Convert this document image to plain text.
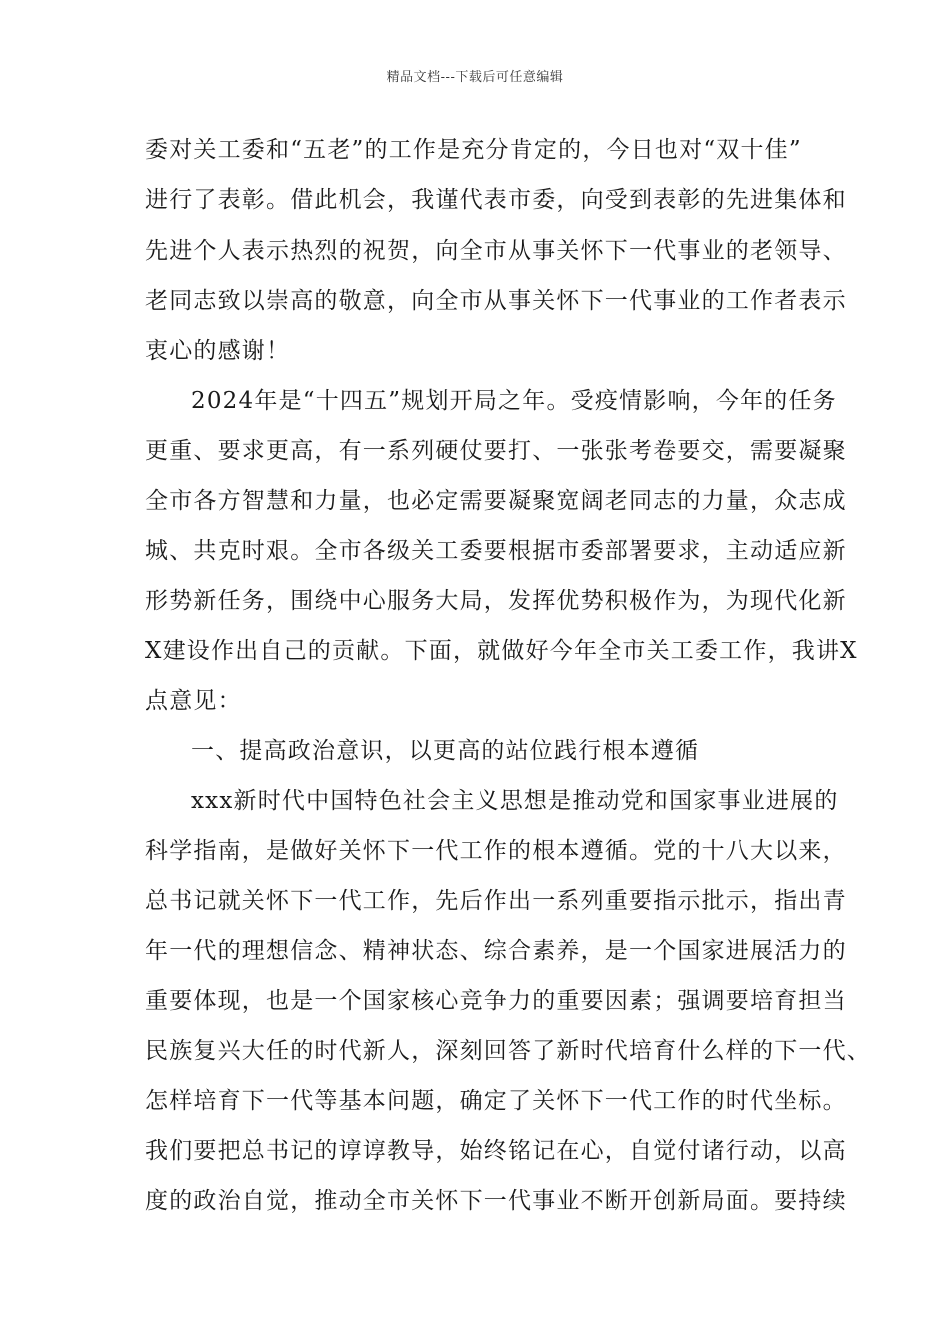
精品文档---下载后可任意编辑
委对关工委和“五老”的工作是充分肯定的，今日也对“双十佳”
进行了表彰。借此机会，我谨代表市委，向受到表彰的先进集体和
先进个人表示热烈的祝贺，向全市从事关怀下一代事业的老领导、
老同志致以崇高的敬意，向全市从事关怀下一代事业的工作者表示
衷心的感谢！
2024年是“十四五”规划开局之年。受疫情影响，今年的任务
更重、要求更高，有一系列硬仗要打、一张张考卷要交，需要凝聚
全市各方智慧和力量，也必定需要凝聚宽阔老同志的力量，众志成
城、共克时艰。全市各级关工委要根据市委部署要求，主动适应新
形势新任务，围绕中心服务大局，发挥优势积极作为，为现代化新
X建设作出自己的贡献。下面，就做好今年全市关工委工作，我讲X
点意见：
一、提高政治意识，以更高的站位践行根本遵循
xxx新时代中国特色社会主义思想是推动党和国家事业进展的
科学指南，是做好关怀下一代工作的根本遵循。党的十八大以来，
总书记就关怀下一代工作，先后作出一系列重要指示批示，指出青
年一代的理想信念、精神状态、综合素养，是一个国家进展活力的
重要体现，也是一个国家核心竞争力的重要因素；强调要培育担当
民族复兴大任的时代新人，深刻回答了新时代培育什么样的下一代、
怎样培育下一代等基本问题，确定了关怀下一代工作的时代坐标。
我们要把总书记的谆谆教导，始终铭记在心，自觉付诸行动，以高
度的政治自觉，推动全市关怀下一代事业不断开创新局面。要持续
